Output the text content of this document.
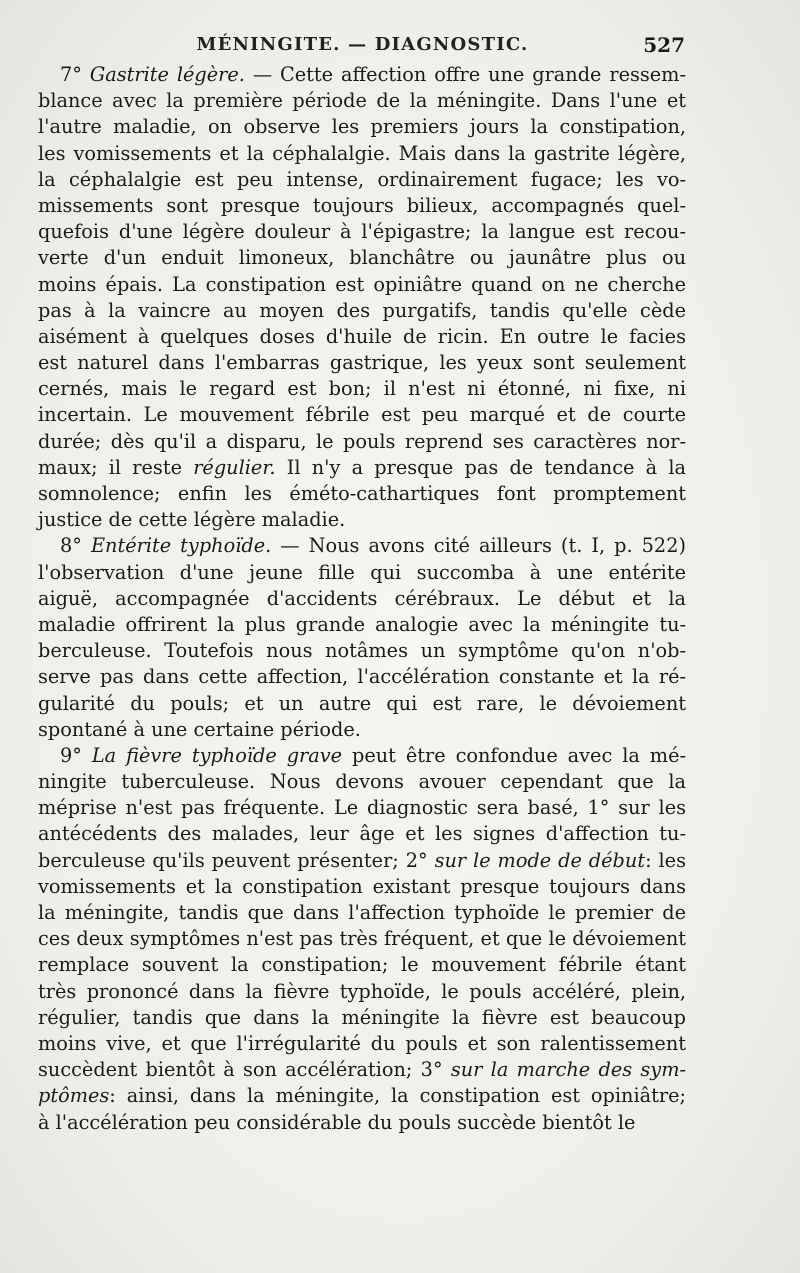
MÉNINGITE. — DIAGNOSTIC.	527
7° Gastrite légère. — Cette affection offre une grande ressem-
blance avec la première période de la méningite. Dans l'une et
l'autre maladie, on observe les premiers jours la constipation,
les vomissements et la céphalalgie. Mais dans la gastrite légère,
la céphalalgie est peu intense, ordinairement fugace; les vo-
missements sont presque toujours bilieux, accompagnés quel-
quefois d'une légère douleur à l'épigastre; la langue est recou-
verte d'un enduit limoneux, blanchâtre ou jaunâtre plus ou
moins épais. La constipation est opiniâtre quand on ne cherche
pas à la vaincre au moyen des purgatifs, tandis qu'elle cède
aisément à quelques doses d'huile de ricin. En outre le facies
est naturel dans l'embarras gastrique, les yeux sont seulement
cernés, mais le regard est bon; il n'est ni étonné, ni fixe, ni
incertain. Le mouvement fébrile est peu marqué et de courte
durée; dès qu'il a disparu, le pouls reprend ses caractères nor-
maux; il reste régulier. Il n'y a presque pas de tendance à la
somnolence; enfin les éméto-cathartiques font promptement
justice de cette légère maladie.
8° Entérite typhoïde. — Nous avons cité ailleurs (t. I, p. 522)
l'observation d'une jeune fille qui succomba à une entérite
aiguë, accompagnée d'accidents cérébraux. Le début et la
maladie offrirent la plus grande analogie avec la méningite tu-
berculeuse. Toutefois nous notâmes un symptôme qu'on n'ob-
serve pas dans cette affection, l'accélération constante et la ré-
gularité du pouls; et un autre qui est rare, le dévoiement
spontané à une certaine période.
9° La fièvre typhoïde grave peut être confondue avec la mé-
ningite tuberculeuse. Nous devons avouer cependant que la
méprise n'est pas fréquente. Le diagnostic sera basé, 1° sur les
antécédents des malades, leur âge et les signes d'affection tu-
berculeuse qu'ils peuvent présenter; 2° sur le mode de début: les
vomissements et la constipation existant presque toujours dans
la méningite, tandis que dans l'affection typhoïde le premier de
ces deux symptômes n'est pas très fréquent, et que le dévoiement
remplace souvent la constipation; le mouvement fébrile étant
très prononcé dans la fièvre typhoïde, le pouls accéléré, plein,
régulier, tandis que dans la méningite la fièvre est beaucoup
moins vive, et que l'irrégularité du pouls et son ralentissement
succèdent bientôt à son accélération; 3° sur la marche des sym-
ptômes: ainsi, dans la méningite, la constipation est opiniâtre;
à l'accélération peu considérable du pouls succède bientôt le
